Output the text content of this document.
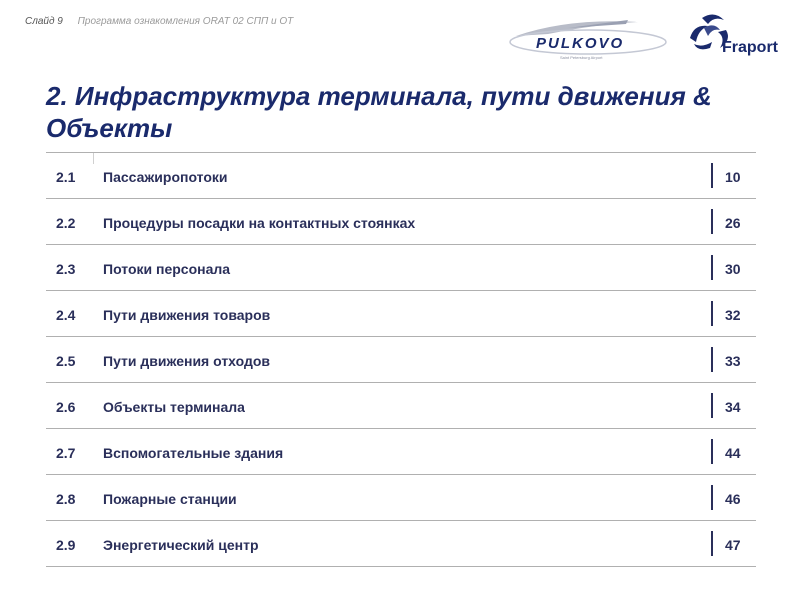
Слайд 9 Программа ознакомления ORAT 02 СПП и ОТ
PULKOVO
Saint Petersburg Airport
Fraport
2. Инфраструктура терминала, пути движения & Объекты
2.1 Пассажиропотоки	10
2.2 Процедуры посадки на контактных стоянках	26
2.3 Потоки персонала	30
2.4 Пути движения товаров	32
2.5 Пути движения отходов	33
2.6 Объекты терминала	34
2.7 Вспомогательные здания	44
2.8 Пожарные станции	46
2.9 Энергетический центр	47
